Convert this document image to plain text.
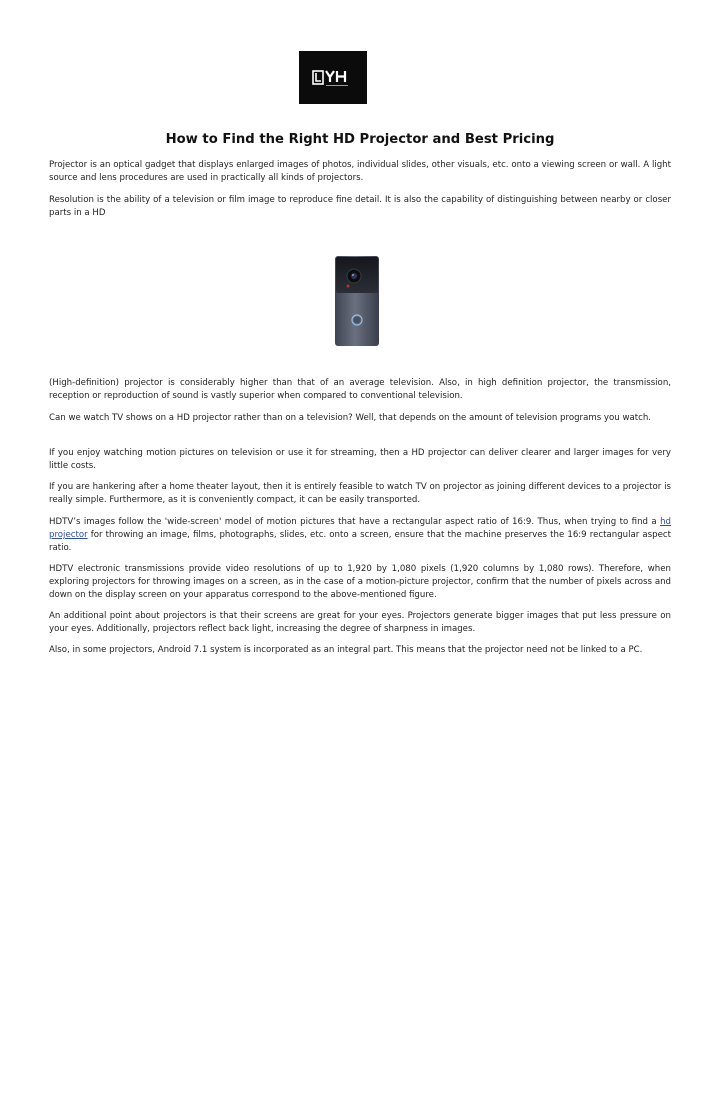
How to Find the Right HD Projector and Best Pricing

Projector is an optical gadget that displays enlarged images of photos, individual slides, other visuals, etc. onto a viewing screen or wall. A light source and lens procedures are used in practically all kinds of projectors.

Resolution is the ability of a television or film image to reproduce fine detail. It is also the capability of distinguishing between nearby or closer parts in a HD

(High-definition) projector is considerably higher than that of an average television. Also, in high definition projector, the transmission, reception or reproduction of sound is vastly superior when compared to conventional television.

Can we watch TV shows on a HD projector rather than on a television? Well, that depends on the amount of television programs you watch.

If you enjoy watching motion pictures on television or use it for streaming, then a HD projector can deliver clearer and larger images for very little costs.

If you are hankering after a home theater layout, then it is entirely feasible to watch TV on projector as joining different devices to a projector is really simple. Furthermore, as it is conveniently compact, it can be easily transported.

HDTV’s images follow the 'wide-screen' model of motion pictures that have a rectangular aspect ratio of 16:9. Thus, when trying to find a hd projector for throwing an image, films, photographs, slides, etc. onto a screen, ensure that the machine preserves the 16:9 rectangular aspect ratio.

HDTV electronic transmissions provide video resolutions of up to 1,920 by 1,080 pixels (1,920 columns by 1,080 rows). Therefore, when exploring projectors for throwing images on a screen, as in the case of a motion-picture projector, confirm that the number of pixels across and down on the display screen on your apparatus correspond to the above-mentioned figure.

An additional point about projectors is that their screens are great for your eyes. Projectors generate bigger images that put less pressure on your eyes. Additionally, projectors reflect back light, increasing the degree of sharpness in images.

Also, in some projectors, Android 7.1 system is incorporated as an integral part. This means that the projector need not be linked to a PC.
